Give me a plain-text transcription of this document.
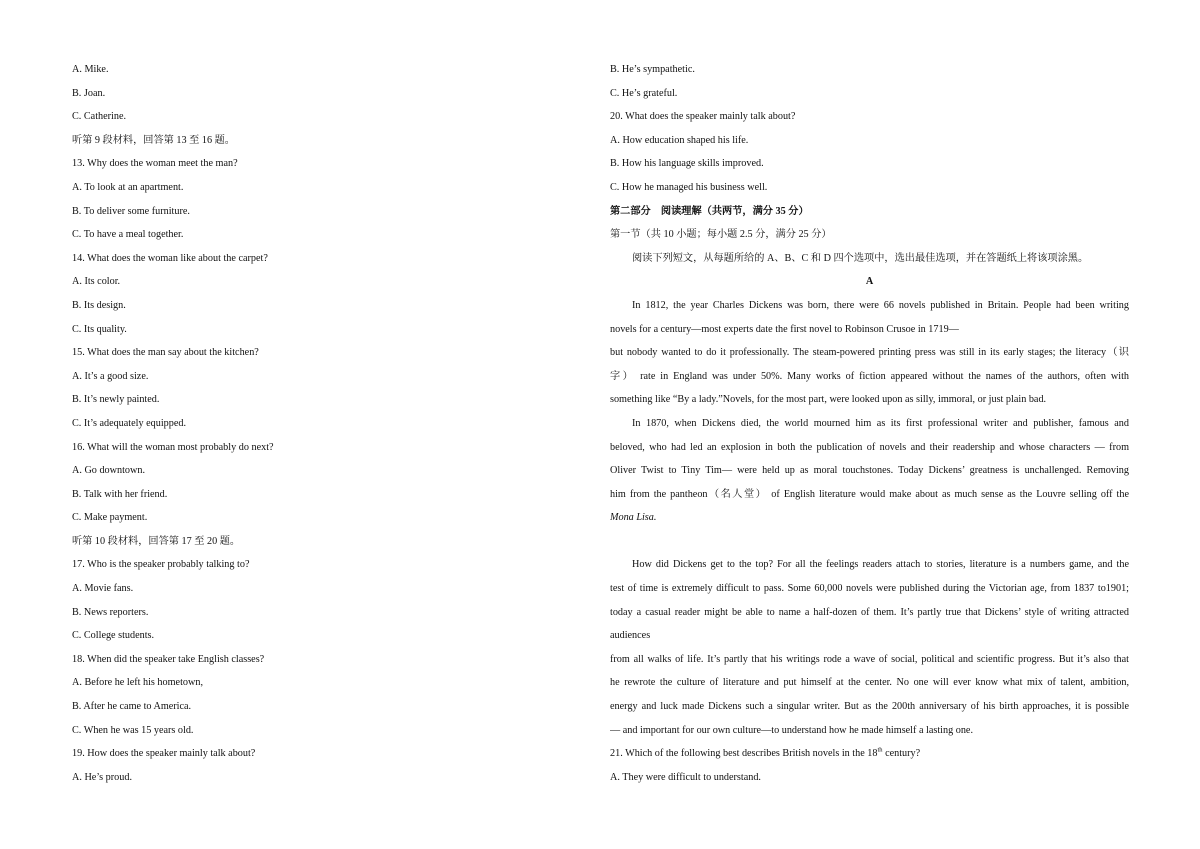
A. Mike.
B. Joan.
C. Catherine.
听第 9 段材料，回答第 13 至 16 题。
13. Why does the woman meet the man?
A. To look at an apartment.
B. To deliver some furniture.
C. To have a meal together.
14. What does the woman like about the carpet?
A. Its color.
B. Its design.
C. Its quality.
15. What does the man say about the kitchen?
A. It’s a good size.
B. It’s newly painted.
C. It’s adequately equipped.
16. What will the woman most probably do next?
A. Go downtown.
B. Talk with her friend.
C. Make payment.
听第 10 段材料，回答第 17 至 20 题。
17. Who is the speaker probably talking to?
A. Movie fans.
B. News reporters.
C. College students.
18. When did the speaker take English classes?
A. Before he left his hometown,
B. After he came to America.
C. When he was 15 years old.
19. How does the speaker mainly talk about?
A. He’s proud.
B. He’s sympathetic.
C. He’s grateful.
20. What does the speaker mainly talk about?
A. How education shaped his life.
B. How his language skills improved.
C. How he managed his business well.
第二部分　阅读理解（共两节，满分 35 分）
第一节（共 10 小题；每小题 2.5 分，满分 25 分）
阅读下列短文，从每题所给的 A、B、C 和 D 四个选项中，选出最佳选项，并在答题纸上将该项涂黑。
A
In 1812, the year Charles Dickens was born, there were 66 novels published in Britain. People had been writing
novels for a century—most experts date the first novel to Robinson Crusoe in 1719—
but nobody wanted to do it professionally. The steam-powered printing press was still in its early stages; the literacy（识
字） rate in England was under 50%. Many works of fiction appeared without the names of the authors, often with
something like “By a lady.”Novels, for the most part, were looked upon as silly, immoral, or just plain bad.
In 1870, when Dickens died, the world mourned him as its first professional writer and publisher, famous and
beloved, who had led an explosion in both the publication of novels and their readership and whose characters — from
Oliver Twist to Tiny Tim— were held up as moral touchstones. Today Dickens’ greatness is unchallenged. Removing
him from the pantheon（名人堂） of English literature would make about as much sense as the Louvre selling off the
Mona Lisa.
How did Dickens get to the top? For all the feelings readers attach to stories, literature is a numbers game, and the
test of time is extremely difficult to pass. Some 60,000 novels were published during the Victorian age, from 1837 to1901;
today a casual reader might be able to name a half-dozen of them. It’s partly true that Dickens’ style of writing attracted
audiences
from all walks of life. It’s partly that his writings rode a wave of social, political and scientific progress. But it’s also that
he rewrote the culture of literature and put himself at the center. No one will ever know what mix of talent, ambition,
energy and luck made Dickens such a singular writer. But as the 200th anniversary of his birth approaches, it is possible
— and important for our own culture—to understand how he made himself a lasting one.
21. Which of the following best describes British novels in the 18th century?
A. They were difficult to understand.
